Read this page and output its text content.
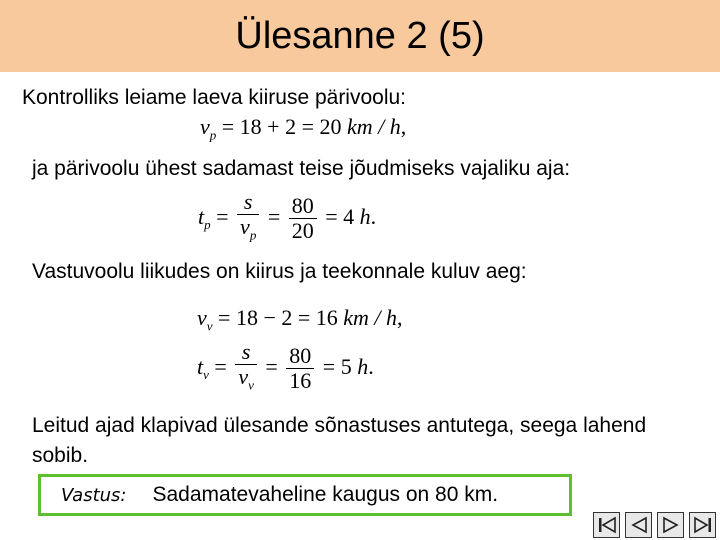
Ülesanne 2 (5)
Kontrolliks leiame laeva kiiruse pärivoolu:
$v_p = 18 + 2 = 20$ km / h,
ja pärivoolu ühest sadamast teise jõudmiseks vajaliku aja:
$t_p = \frac{s}{v_p} = \frac{80}{20} = 4$ h.
Vastuvoolu liikudes on kiirus ja teekonnale kuluv aeg:
$v_v = 18 - 2 = 16$ km / h,
$t_v = \frac{s}{v_v} = \frac{80}{16} = 5$ h.
Leitud ajad klapivad ülesande sõnastuses antutega, seega lahend sobib.
Vastus: Sadamatevaheline kaugus on 80 km.
